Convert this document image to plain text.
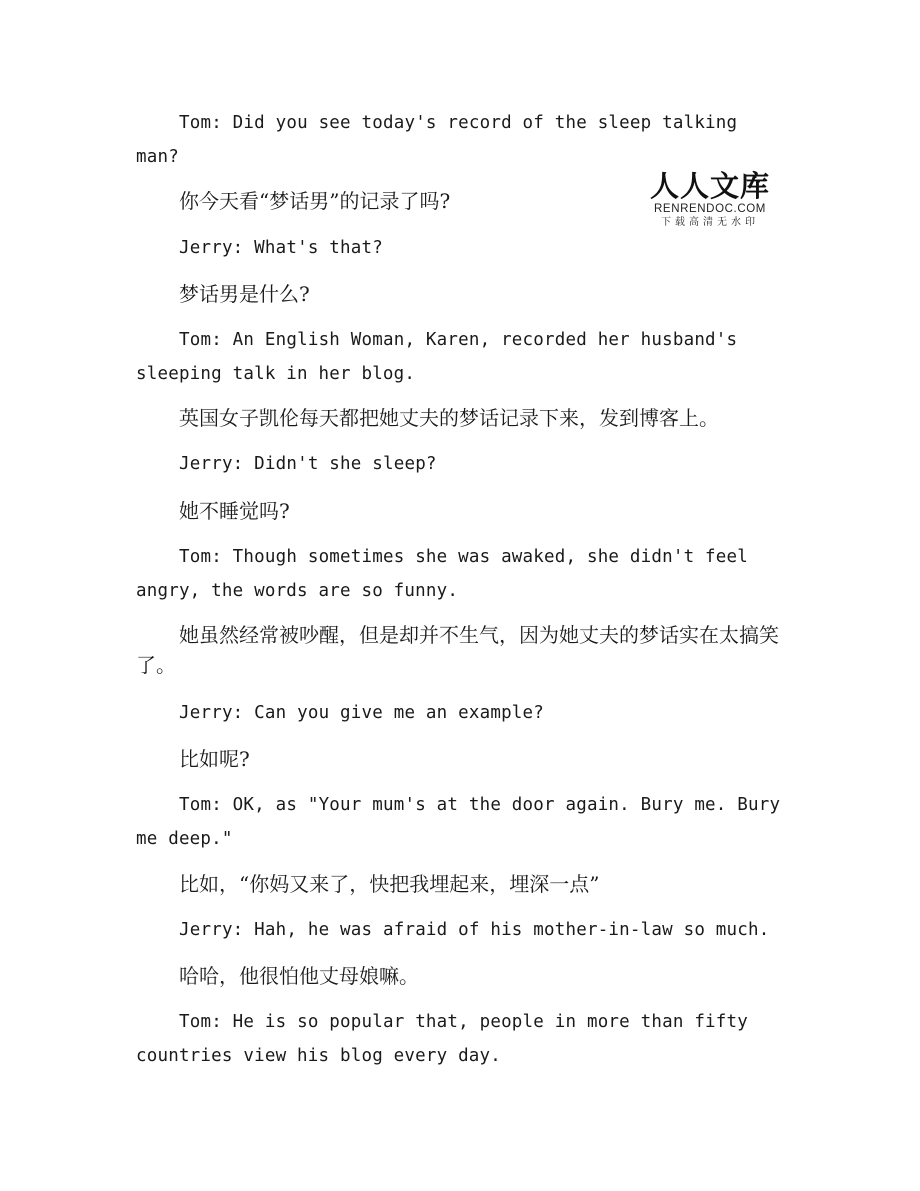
人人文库
RENRENDOC.COM
下载高清无水印

Tom: Did you see today's record of the sleep talking man?

你今天看“梦话男”的记录了吗?

Jerry: What's that?

梦话男是什么?

Tom: An English Woman, Karen, recorded her husband's sleeping talk in her blog.

英国女子凯伦每天都把她丈夫的梦话记录下来，发到博客上。

Jerry: Didn't she sleep?

她不睡觉吗?

Tom: Though sometimes she was awaked, she didn't feel angry, the words are so funny.

她虽然经常被吵醒，但是却并不生气，因为她丈夫的梦话实在太搞笑了。

Jerry: Can you give me an example?

比如呢?

Tom: OK, as "Your mum's at the door again. Bury me. Bury me deep."

比如，“你妈又来了，快把我埋起来，埋深一点”

Jerry: Hah, he was afraid of his mother-in-law so much.

哈哈，他很怕他丈母娘嘛。

Tom: He is so popular that, people in more than fifty countries view his blog every day.
